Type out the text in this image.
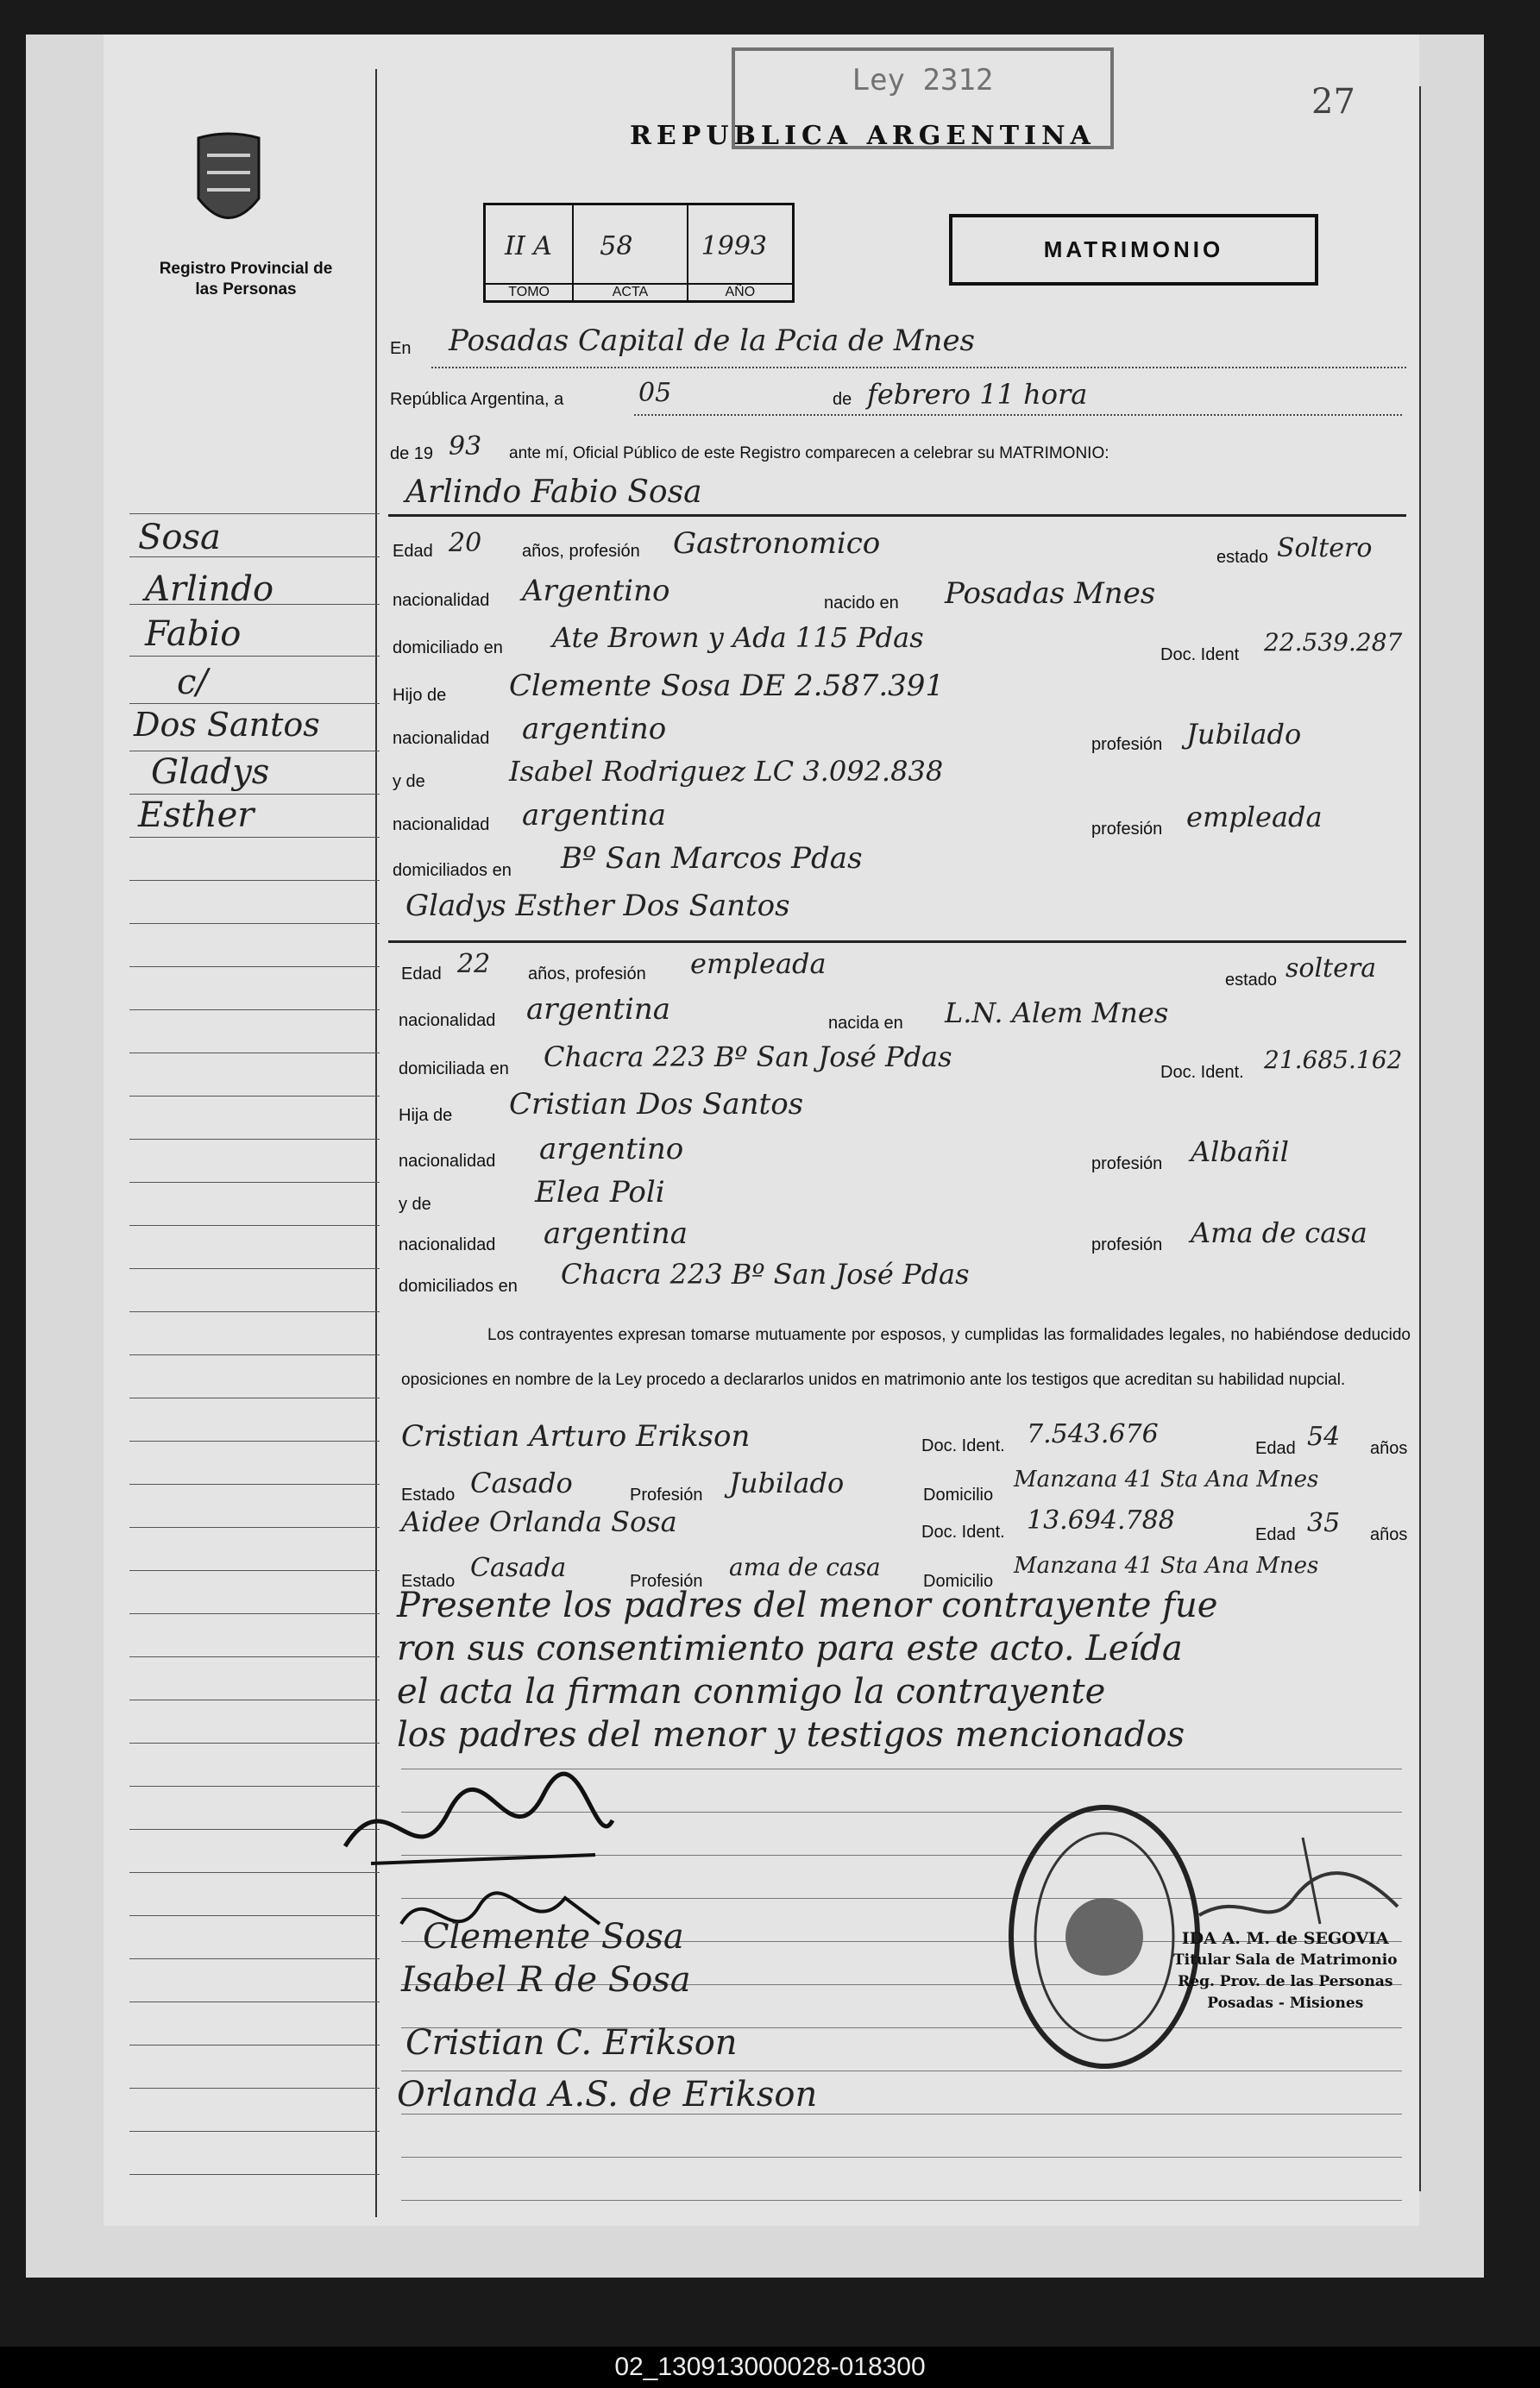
Registro Provincial de las Personas
REPUBLICA ARGENTINA
Ley 2312
27
II A
TOMO
58
ACTA
1993
AÑO
MATRIMONIO
Sosa
Arlindo
Fabio
c/
Dos Santos
Gladys
Esther
En Posadas Capital de la Pcia de Mnes
República Argentina, a	05	de febrero 11 hora
de 19 93 ante mí, Oficial Público de este Registro comparecen a celebrar su MATRIMONIO:
Arlindo Fabio Sosa
Edad 20 años, profesión Gastronomico	estado Soltero
nacionalidad Argentino	nacido en Posadas Mnes
domiciliado en Ate Brown y Ada 115 Pdas
Doc. Ident 22.539.287
Hijo de Clemente Sosa DE 2.587.391
nacionalidad argentino	profesión Jubilado
y de	Isabel Rodriguez LC 3.092.838
nacionalidad argentina	profesión empleada
domiciliados en Bº San Marcos Pdas
Gladys Esther Dos Santos
Edad 22 años, profesión empleada	estado soltera
nacionalidad argentina	nacida en L.N. Alem Mnes
domiciliada en Chacra 223 Bº San José Pdas	Doc. Ident. 21.685.162
Hija de Cristian Dos Santos
nacionalidad argentino	profesión Albañil
y de	Elea Poli
nacionalidad argentina	profesión Ama de casa
domiciliados en Chacra 223 Bº San José Pdas
Los contrayentes expresan tomarse mutuamente por esposos, y cumplidas las formalidades legales, no habiéndose deducido oposiciones en nombre de la Ley procedo a declararlos unidos en matrimonio ante los testigos que acreditan su habilidad nupcial.
Cristian Arturo Erikson	Doc. Ident. 7.543.676	Edad 54 años
Estado Casado	Profesión Jubilado	Domicilio
Manzana 41 Sta Ana Mnes
Aidee Orlanda Sosa	Doc. Ident. 13.694.788	Edad 35 años
Estado Casada	Profesión ama de casa Domicilio
Manzana 41 Sta Ana Mnes
Presente los padres del menor contrayente fue
ron sus consentimiento para este acto. Leída
el acta la firman conmigo la contrayente
los padres del menor y testigos mencionados
Clemente Sosa
Isabel R de Sosa
Cristian C. Erikson
Orlanda A.S. de Erikson
IDA A. M. de SEGOVIA
Titular Sala de Matrimonio
Reg. Prov. de las Personas
Posadas - Misiones
02_130913000028-018300
